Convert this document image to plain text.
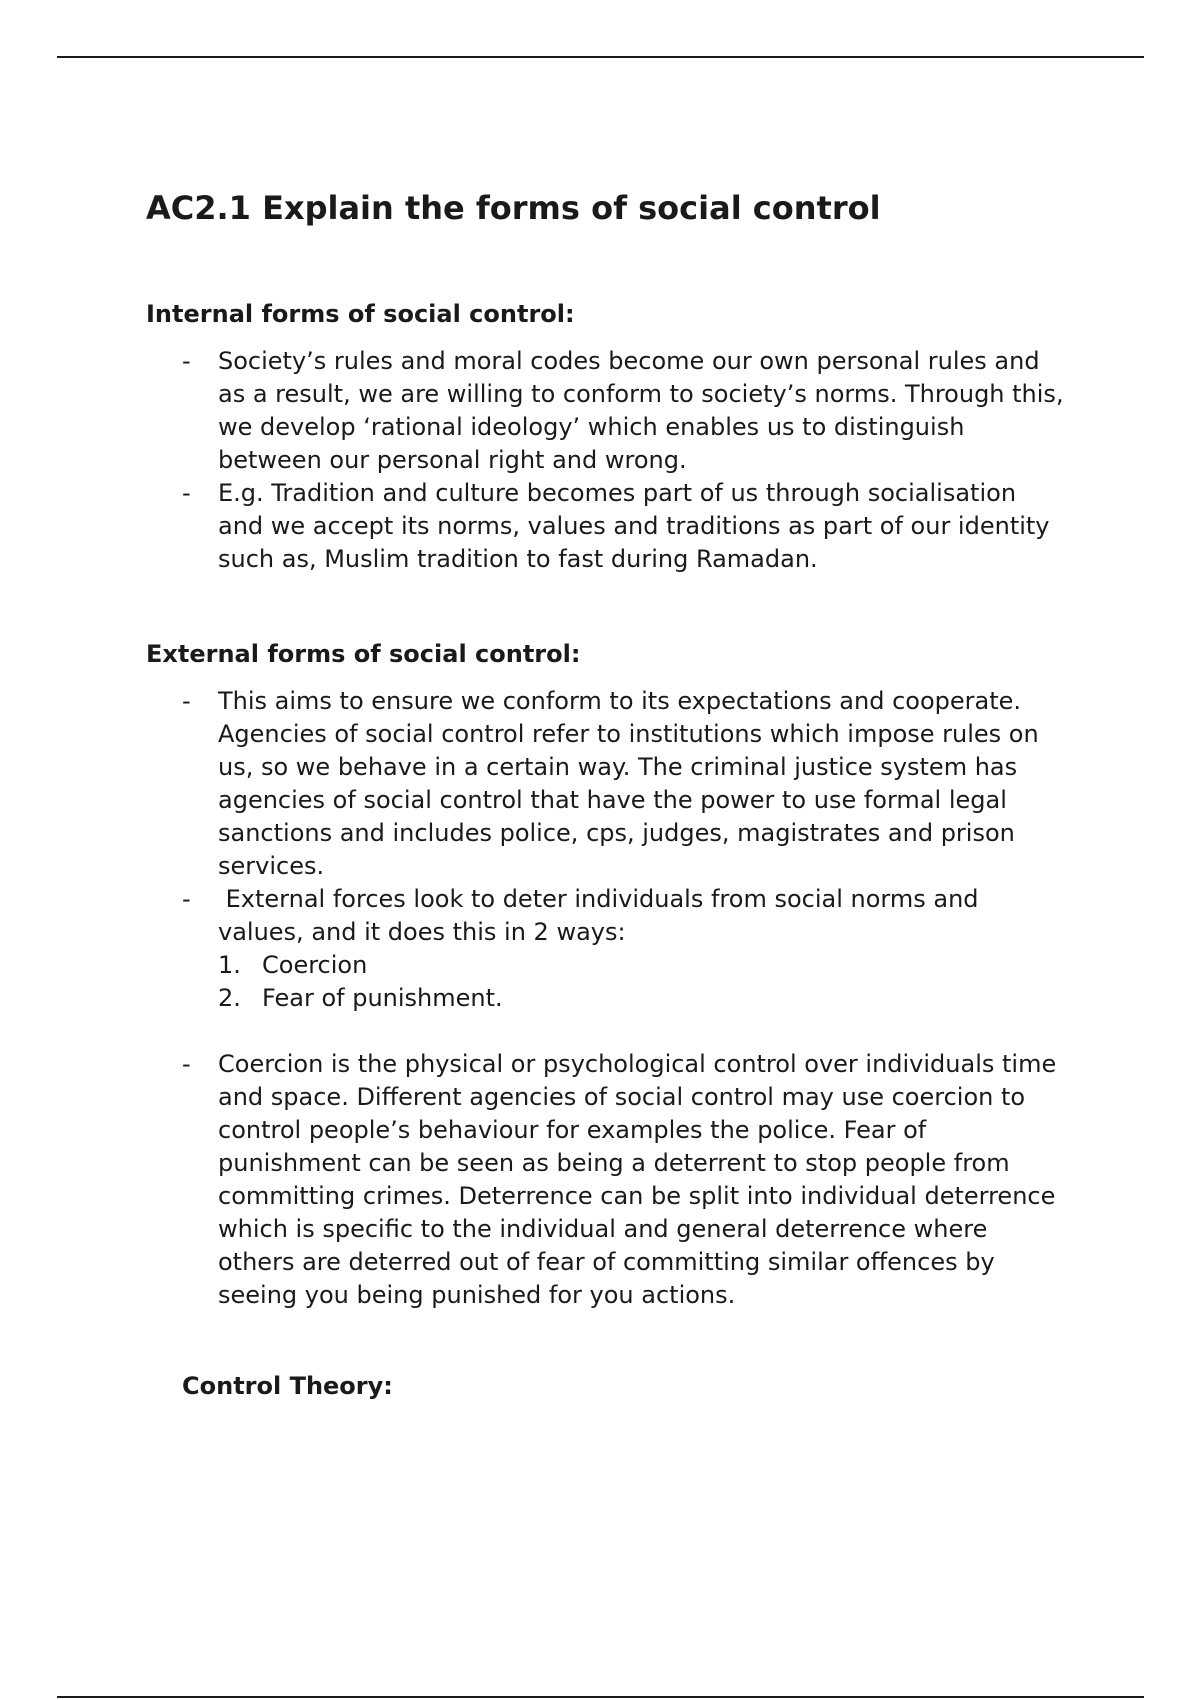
AC2.1 Explain the forms of social control

Internal forms of social control:

- Society’s rules and moral codes become our own personal rules and as a result, we are willing to conform to society’s norms. Through this, we develop ‘rational ideology’ which enables us to distinguish between our personal right and wrong.
- E.g. Tradition and culture becomes part of us through socialisation and we accept its norms, values and traditions as part of our identity such as, Muslim tradition to fast during Ramadan.

External forms of social control:

- This aims to ensure we conform to its expectations and cooperate. Agencies of social control refer to institutions which impose rules on us, so we behave in a certain way. The criminal justice system has agencies of social control that have the power to use formal legal sanctions and includes police, cps, judges, magistrates and prison services.
- External forces look to deter individuals from social norms and values, and it does this in 2 ways:
1. Coercion
2. Fear of punishment.
- Coercion is the physical or psychological control over individuals time and space. Different agencies of social control may use coercion to control people’s behaviour for examples the police. Fear of punishment can be seen as being a deterrent to stop people from committing crimes. Deterrence can be split into individual deterrence which is specific to the individual and general deterrence where others are deterred out of fear of committing similar offences by seeing you being punished for you actions.

Control Theory:
